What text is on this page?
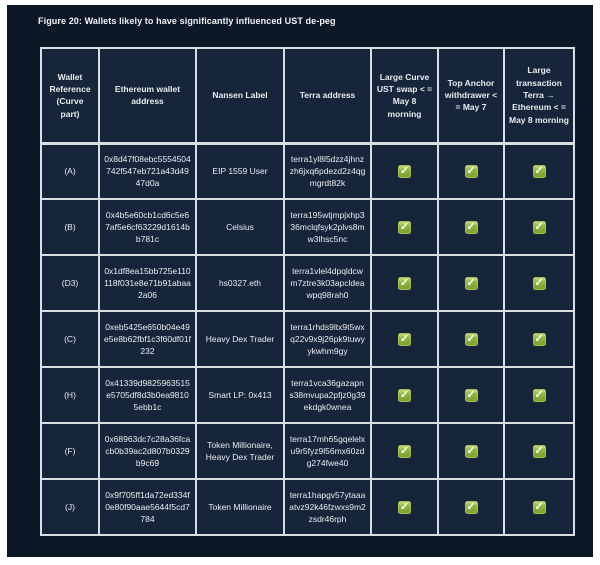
Figure 20: Wallets likely to have significantly influenced UST de-peg
Wallet Reference (Curve part)	Ethereum wallet address	Nansen Label	Terra address	Large Curve UST swap < = May 8 morning	Top Anchor withdrawer < = May 7	Large transaction Terra → Ethereum < = May 8 morning
(A)	0x8d47f08ebc5554504742f547eb721a43d4947d0a	EIP 1559 User	terra1yl8l5dzz4jhnzzh6jxq6pdezd2z4qgmgrdt82k	✓	✓	✓
(B)	0x4b5e60cb1cd6c5e67af5e6cf63229d1614bb781c	Celsius	terra195wtjmpjxhp336mclqfsyk2plvs8mw3lhsc5nc	✓	✓	✓
(D3)	0x1df8ea15bb725e110118f031e8e71b91abaa2a06	hs0327.eth	terra1vlel4dpqldcwm7ztre3k03apcldeawpq98rah0	✓	✓	✓
(C)	0xeb5425e650b04e49e5e8b62fbf1c3f60df01f232	Heavy Dex Trader	terra1rhds9ltx9t5wxq22v9x9j26pk9tuwyykwhm9gy	✓	✓	✓
(H)	0x41339d9825963515e5705df8d3b0ea98105ebb1c	Smart LP: 0x413	terra1vca36gazapns38mvupa2pfjz0g39ekdgk0wnea	✓	✓	✓
(F)	0x68963dc7c28a36fcacb0b39ac2d807b0329b9c69	Token Millionaire, Heavy Dex Trader	terra17mh65gqelelxu9r5fyz9l56mx60zdg274fwe40	✓	✓	✓
(J)	0x9f705ff1da72ed334f0e80f90aae5644f5cd7784	Token Millionaire	terra1hapgv57ytaaaatvz92k46fzwxs9m2zsdr46rph	✓	✓	✓
